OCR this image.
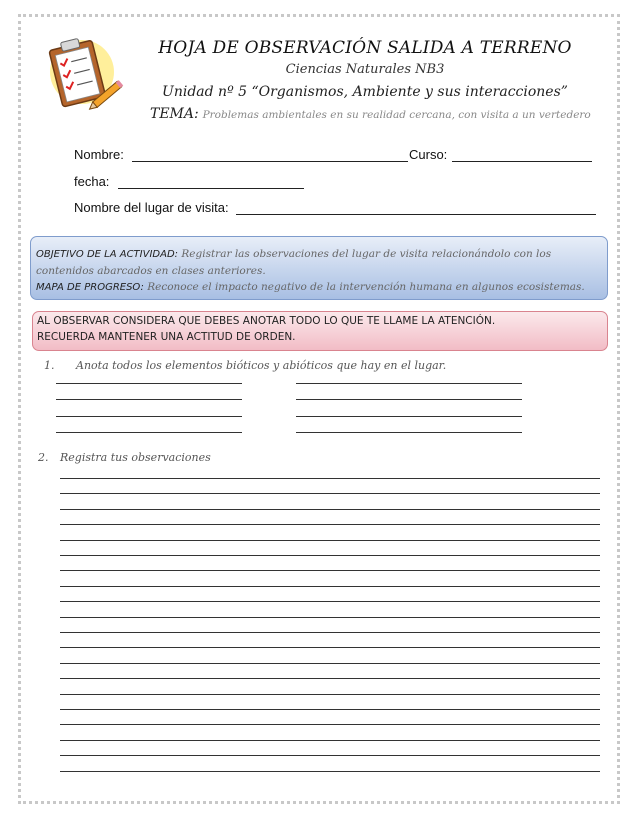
HOJA DE OBSERVACIÓN SALIDA A TERRENO
Ciencias Naturales NB3
Unidad nº 5 “Organismos, Ambiente y sus interacciones”
TEMA: Problemas ambientales en su realidad cercana, con visita a un vertedero
Nombre:	Curso:
fecha:
Nombre del lugar de visita:
OBJETIVO DE LA ACTIVIDAD: Registrar las observaciones del lugar de visita relacionándolo con los
contenidos abarcados en clases anteriores.
MAPA DE PROGRESO: Reconoce el impacto negativo de la intervención humana en algunos ecosistemas.
AL OBSERVAR CONSIDERA QUE DEBES ANOTAR TODO LO QUE TE LLAME LA ATENCIÓN.
RECUERDA MANTENER UNA ACTITUD DE ORDEN.
1. Anota todos los elementos bióticos y abióticos que hay en el lugar.
2. Registra tus observaciones
